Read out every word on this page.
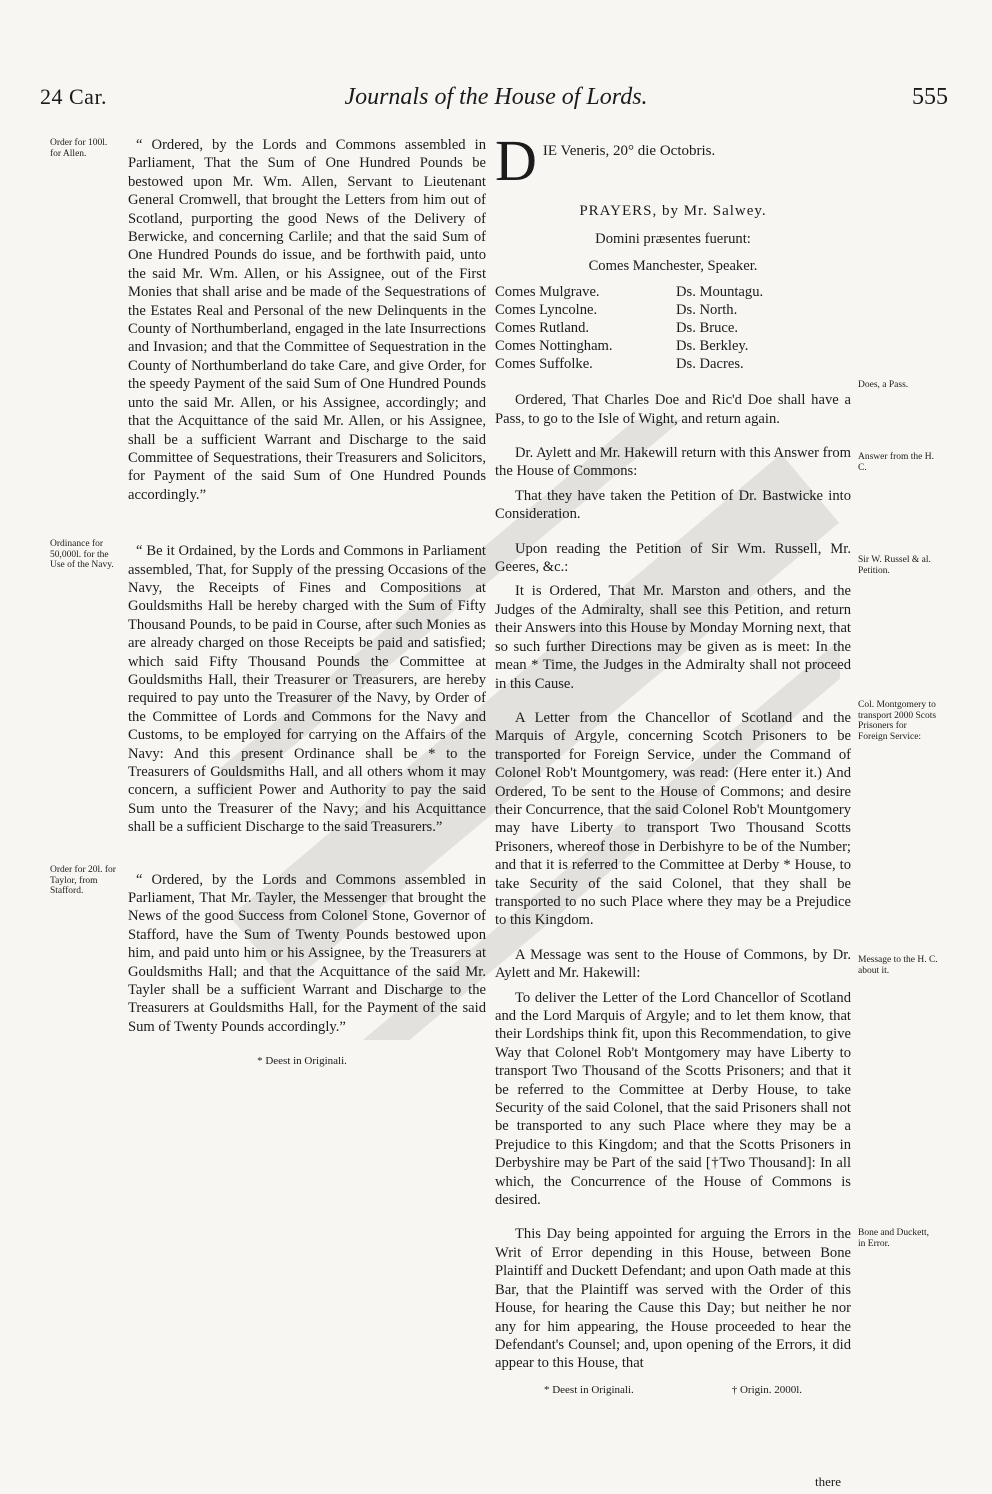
24 Car.	Journals of the House of Lords.	555
Order for 100l. for Allen.
Ordinance for 50,000l. for the Use of the Navy.
Order for 20l. for Taylor, from Stafford.

“ Ordered, by the Lords and Commons assembled in Parliament, That the Sum of One Hundred Pounds be bestowed upon Mr. Wm. Allen, Servant to Lieutenant General Cromwell, that brought the Letters from him out of Scotland, purporting the good News of the Delivery of Berwicke, and concerning Carlile; and that the said Sum of One Hundred Pounds do issue, and be forthwith paid, unto the said Mr. Wm. Allen, or his Assignee, out of the First Monies that shall arise and be made of the Sequestrations of the Estates Real and Personal of the new Delinquents in the County of Northumberland, engaged in the late Insurrections and Invasion; and that the Committee of Sequestration in the County of Northumberland do take Care, and give Order, for the speedy Payment of the said Sum of One Hundred Pounds unto the said Mr. Allen, or his Assignee, accordingly; and that the Acquittance of the said Mr. Allen, or his Assignee, shall be a sufficient Warrant and Discharge to the said Committee of Sequestrations, their Treasurers and Solicitors, for Payment of the said Sum of One Hundred Pounds accordingly.”

“ Be it Ordained, by the Lords and Commons in Parliament assembled, That, for Supply of the pressing Occasions of the Navy, the Receipts of Fines and Compositions at Gouldsmiths Hall be hereby charged with the Sum of Fifty Thousand Pounds, to be paid in Course, after such Monies as are already charged on those Receipts be paid and satisfied; which said Fifty Thousand Pounds the Committee at Gouldsmiths Hall, their Treasurer or Treasurers, are hereby required to pay unto the Treasurer of the Navy, by Order of the Committee of Lords and Commons for the Navy and Customs, to be employed for carrying on the Affairs of the Navy: And this present Ordinance shall be * to the Treasurers of Gouldsmiths Hall, and all others whom it may concern, a sufficient Power and Authority to pay the said Sum unto the Treasurer of the Navy; and his Acquittance shall be a sufficient Discharge to the said Treasurers.”

“ Ordered, by the Lords and Commons assembled in Parliament, That Mr. Tayler, the Messenger that brought the News of the good Success from Colonel Stone, Governor of Stafford, have the Sum of Twenty Pounds bestowed upon him, and paid unto him or his Assignee, by the Treasurers at Gouldsmiths Hall; and that the Acquittance of the said Mr. Tayler shall be a sufficient Warrant and Discharge to the Treasurers at Gouldsmiths Hall, for the Payment of the said Sum of Twenty Pounds accordingly.”

* Deest in Originali.
D IE Veneris, 20° die Octobris.
PRAYERS, by Mr. Salwey.
Domini præsentes fuerunt:
Comes Manchester, Speaker.
Comes Mulgrave.	Ds. Mountagu.
Comes Lyncolne.	Ds. North.
Comes Rutland.	Ds. Bruce.
Comes Nottingham.	Ds. Berkley.
Comes Suffolke.	Ds. Dacres.

Ordered, That Charles Doe and Ric'd Doe shall have a Pass, to go to the Isle of Wight, and return again.

Dr. Aylett and Mr. Hakewill return with this Answer from the House of Commons:

That they have taken the Petition of Dr. Bastwicke into Consideration.

Upon reading the Petition of Sir Wm. Russell, Mr. Geeres, &c.:

It is Ordered, That Mr. Marston and others, and the Judges of the Admiralty, shall see this Petition, and return their Answers into this House by Monday Morning next, that so such further Directions may be given as is meet: In the mean * Time, the Judges in the Admiralty shall not proceed in this Cause.

A Letter from the Chancellor of Scotland and the Marquis of Argyle, concerning Scotch Prisoners to be transported for Foreign Service, under the Command of Colonel Rob't Mountgomery, was read: (Here enter it.) And Ordered, To be sent to the House of Commons; and desire their Concurrence, that the said Colonel Rob't Mountgomery may have Liberty to transport Two Thousand Scotts Prisoners, whereof those in Derbishyre to be of the Number; and that it is referred to the Committee at Derby * House, to take Security of the said Colonel, that they shall be transported to no such Place where they may be a Prejudice to this Kingdom.

A Message was sent to the House of Commons, by Dr. Aylett and Mr. Hakewill:

To deliver the Letter of the Lord Chancellor of Scotland and the Lord Marquis of Argyle; and to let them know, that their Lordships think fit, upon this Recommendation, to give Way that Colonel Rob't Montgomery may have Liberty to transport Two Thousand of the Scotts Prisoners; and that it be referred to the Committee at Derby House, to take Security of the said Colonel, that the said Prisoners shall not be transported to any such Place where they may be a Prejudice to this Kingdom; and that the Scotts Prisoners in Derbyshire may be Part of the said [†Two Thousand]: In all which, the Concurrence of the House of Commons is desired.

This Day being appointed for arguing the Errors in the Writ of Error depending in this House, between Bone Plaintiff and Duckett Defendant; and upon Oath made at this Bar, that the Plaintiff was served with the Order of this House, for hearing the Cause this Day; but neither he nor any for him appearing, the House proceeded to hear the Defendant's Counsel; and, upon opening of the Errors, it did appear to this House, that

* Deest in Originali.	† Origin. 2000l.
Does, a Pass.
Answer from the H. C.
Sir W. Russel & al. Petition.
Col. Montgomery to transport 2000 Scots Prisoners for Foreign Service:
Message to the H. C. about it.
Bone and Duckett, in Error.
there
